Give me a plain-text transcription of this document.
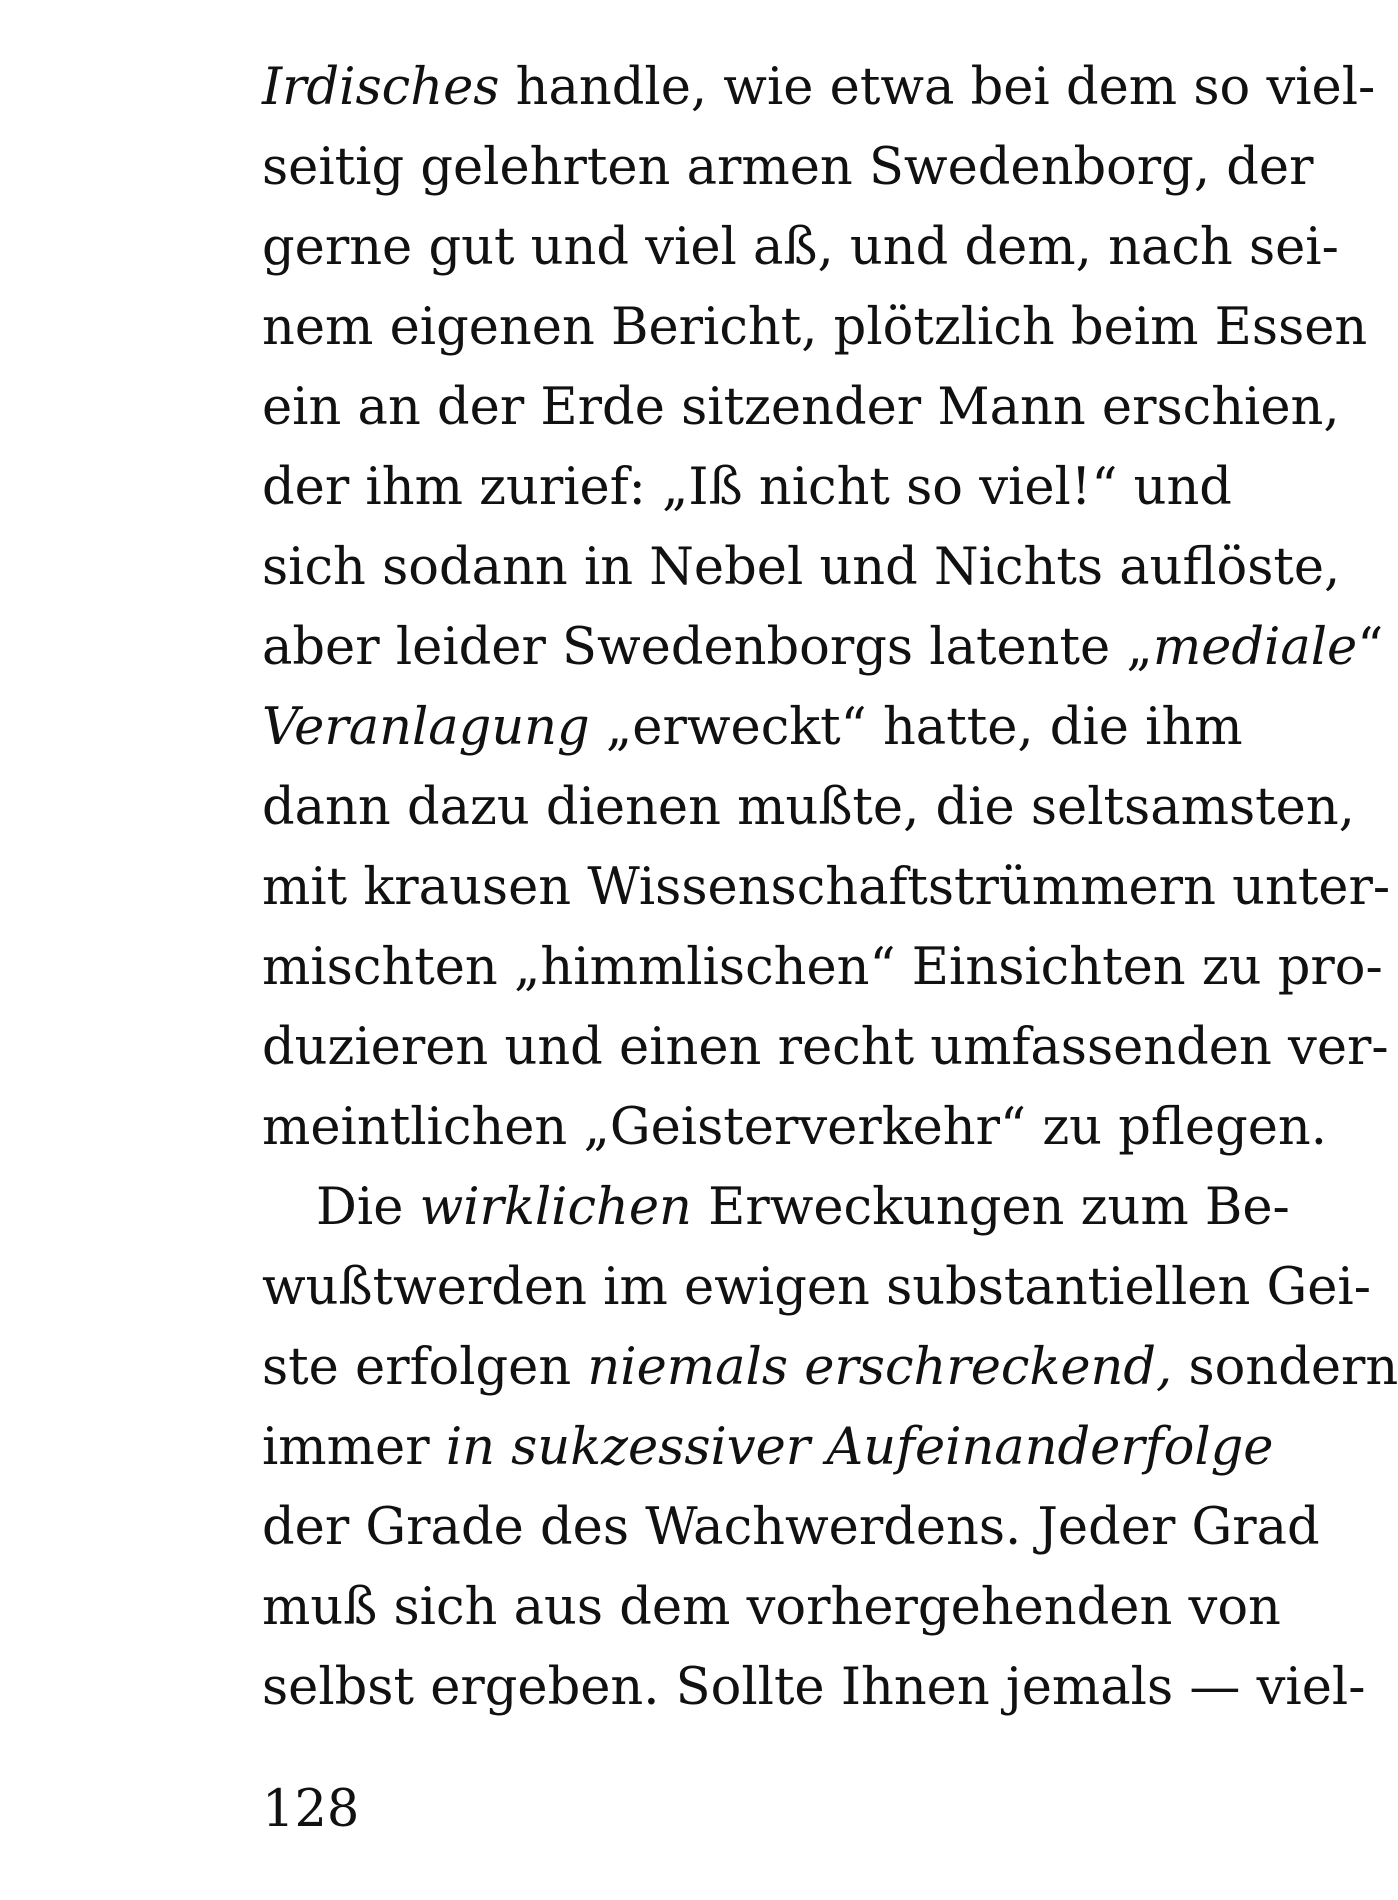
Irdisches handle, wie etwa bei dem so viel-
seitig gelehrten armen Swedenborg, der
gerne gut und viel aß, und dem, nach sei-
nem eigenen Bericht, plötzlich beim Essen
ein an der Erde sitzender Mann erschien,
der ihm zurief: „Iß nicht so viel!“ und
sich sodann in Nebel und Nichts auflöste,
aber leider Swedenborgs latente „mediale“
Veranlagung „erweckt“ hatte, die ihm
dann dazu dienen mußte, die seltsamsten,
mit krausen Wissenschaftstrümmern unter-
mischten „himmlischen“ Einsichten zu pro-
duzieren und einen recht umfassenden ver-
meintlichen „Geisterverkehr“ zu pflegen.
Die wirklichen Erweckungen zum Be-
wußtwerden im ewigen substantiellen Gei-
ste erfolgen niemals erschreckend, sondern
immer in sukzessiver Aufeinanderfolge
der Grade des Wachwerdens. Jeder Grad
muß sich aus dem vorhergehenden von
selbst ergeben. Sollte Ihnen jemals — viel-
128
